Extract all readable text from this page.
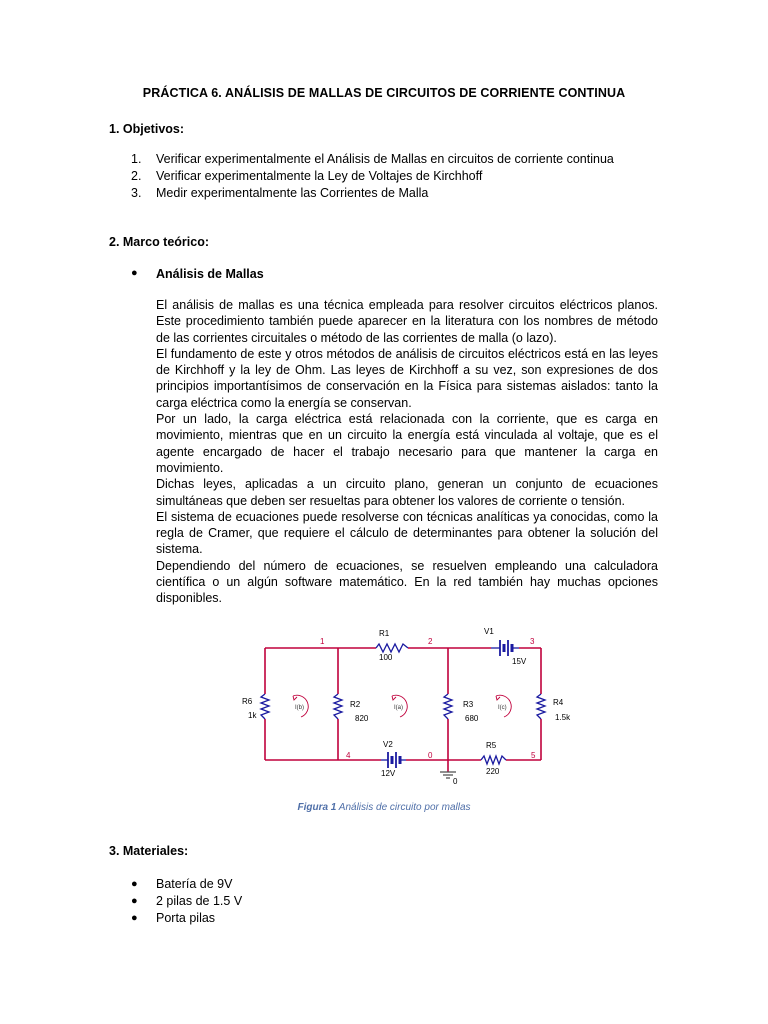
PRÁCTICA 6. ANÁLISIS DE MALLAS DE CIRCUITOS DE CORRIENTE CONTINUA
1. Objetivos:
1.	Verificar experimentalmente el Análisis de Mallas en circuitos de corriente continua
2.	Verificar experimentalmente la Ley de Voltajes de Kirchhoff
3.	Medir experimentalmente las Corrientes de Malla
2. Marco teórico:
●	Análisis de Mallas

El análisis de mallas es una técnica empleada para resolver circuitos eléctricos planos. Este procedimiento también puede aparecer en la literatura con los nombres de método de las corrientes circuitales o método de las corrientes de malla (o lazo).

El fundamento de este y otros métodos de análisis de circuitos eléctricos está en las leyes de Kirchhoff y la ley de Ohm. Las leyes de Kirchhoff a su vez, son expresiones de dos principios importantísimos de conservación en la Física para sistemas aislados: tanto la carga eléctrica como la energía se conservan.

Por un lado, la carga eléctrica está relacionada con la corriente, que es carga en movimiento, mientras que en un circuito la energía está vinculada al voltaje, que es el agente encargado de hacer el trabajo necesario para que mantener la carga en movimiento.

Dichas leyes, aplicadas a un circuito plano, generan un conjunto de ecuaciones simultáneas que deben ser resueltas para obtener los valores de corriente o tensión.

El sistema de ecuaciones puede resolverse con técnicas analíticas ya conocidas, como la regla de Cramer, que requiere el cálculo de determinantes para obtener la solución del sistema.

Dependiendo del número de ecuaciones, se resuelven empleando una calculadora científica o un algún software matemático. En la red también hay muchas opciones disponibles.

1	2	3
4	0	5
0
R1
100
V1
15V
R6
1k
R2
820
R3
680
R4
1.5k
V2
12V
R5
220
I(b)	I(a)	I(c)
Figura 1 Análisis de circuito por mallas
3. Materiales:
●	Batería de 9V
●	2 pilas de 1.5 V
●	Porta pilas
